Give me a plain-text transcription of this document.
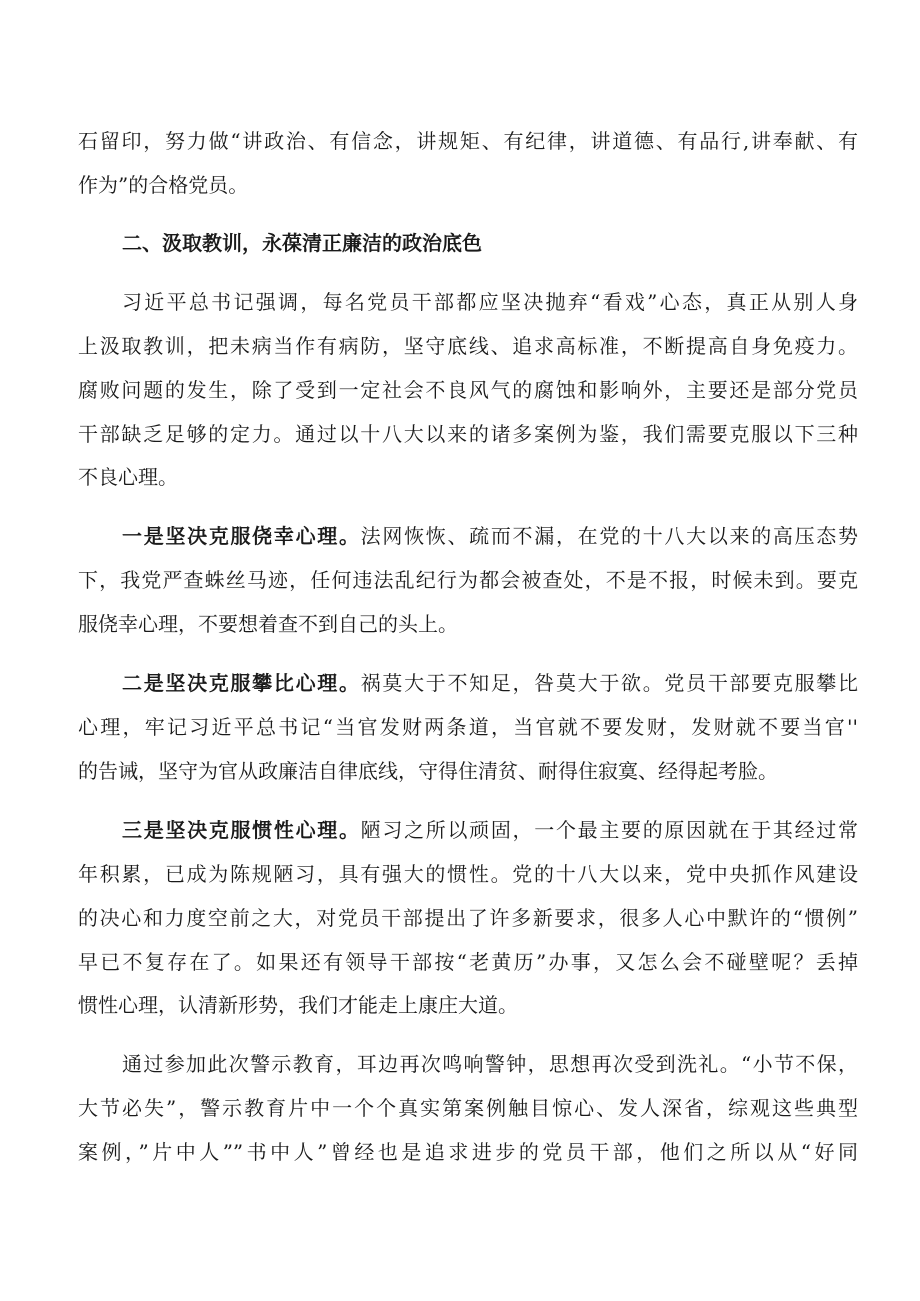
石留印，努力做“讲政治、有信念，讲规矩、有纪律，讲道德、有品行,讲奉献、有
作为”的合格党员。
二、汲取教训，永葆清正廉洁的政治底色
习近平总书记强调，每名党员干部都应坚决抛弃“看戏”心态，真正从别人身
上汲取教训，把未病当作有病防，坚守底线、追求高标准，不断提高自身免疫力。
腐败问题的发生，除了受到一定社会不良风气的腐蚀和影响外，主要还是部分党员
干部缺乏足够的定力。通过以十八大以来的诸多案例为鉴，我们需要克服以下三种
不良心理。
一是坚决克服侥幸心理。法网恢恢、疏而不漏，在党的十八大以来的高压态势
下，我党严查蛛丝马迹，任何违法乱纪行为都会被查处，不是不报，时候未到。要克
服侥幸心理，不要想着查不到自己的头上。
二是坚决克服攀比心理。祸莫大于不知足，咎莫大于欲。党员干部要克服攀比
心理，牢记习近平总书记“当官发财两条道，当官就不要发财，发财就不要当官''
的告诫，坚守为官从政廉洁自律底线，守得住清贫、耐得住寂寞、经得起考脸。
三是坚决克服惯性心理。陋习之所以顽固，一个最主要的原因就在于其经过常
年积累，已成为陈规陋习，具有强大的惯性。党的十八大以来，党中央抓作风建设
的决心和力度空前之大，对党员干部提出了许多新要求，很多人心中默许的“惯例”
早已不复存在了。如果还有领导干部按“老黄历”办事，又怎么会不碰壁呢？丢掉
惯性心理，认清新形势，我们才能走上康庄大道。
通过参加此次警示教育，耳边再次鸣响警钟，思想再次受到洗礼。“小节不保，
大节必失”，警示教育片中一个个真实第案例触目惊心、发人深省，综观这些典型
案例，”片中人””书中人”曾经也是追求进步的党员干部，他们之所以从“好同
